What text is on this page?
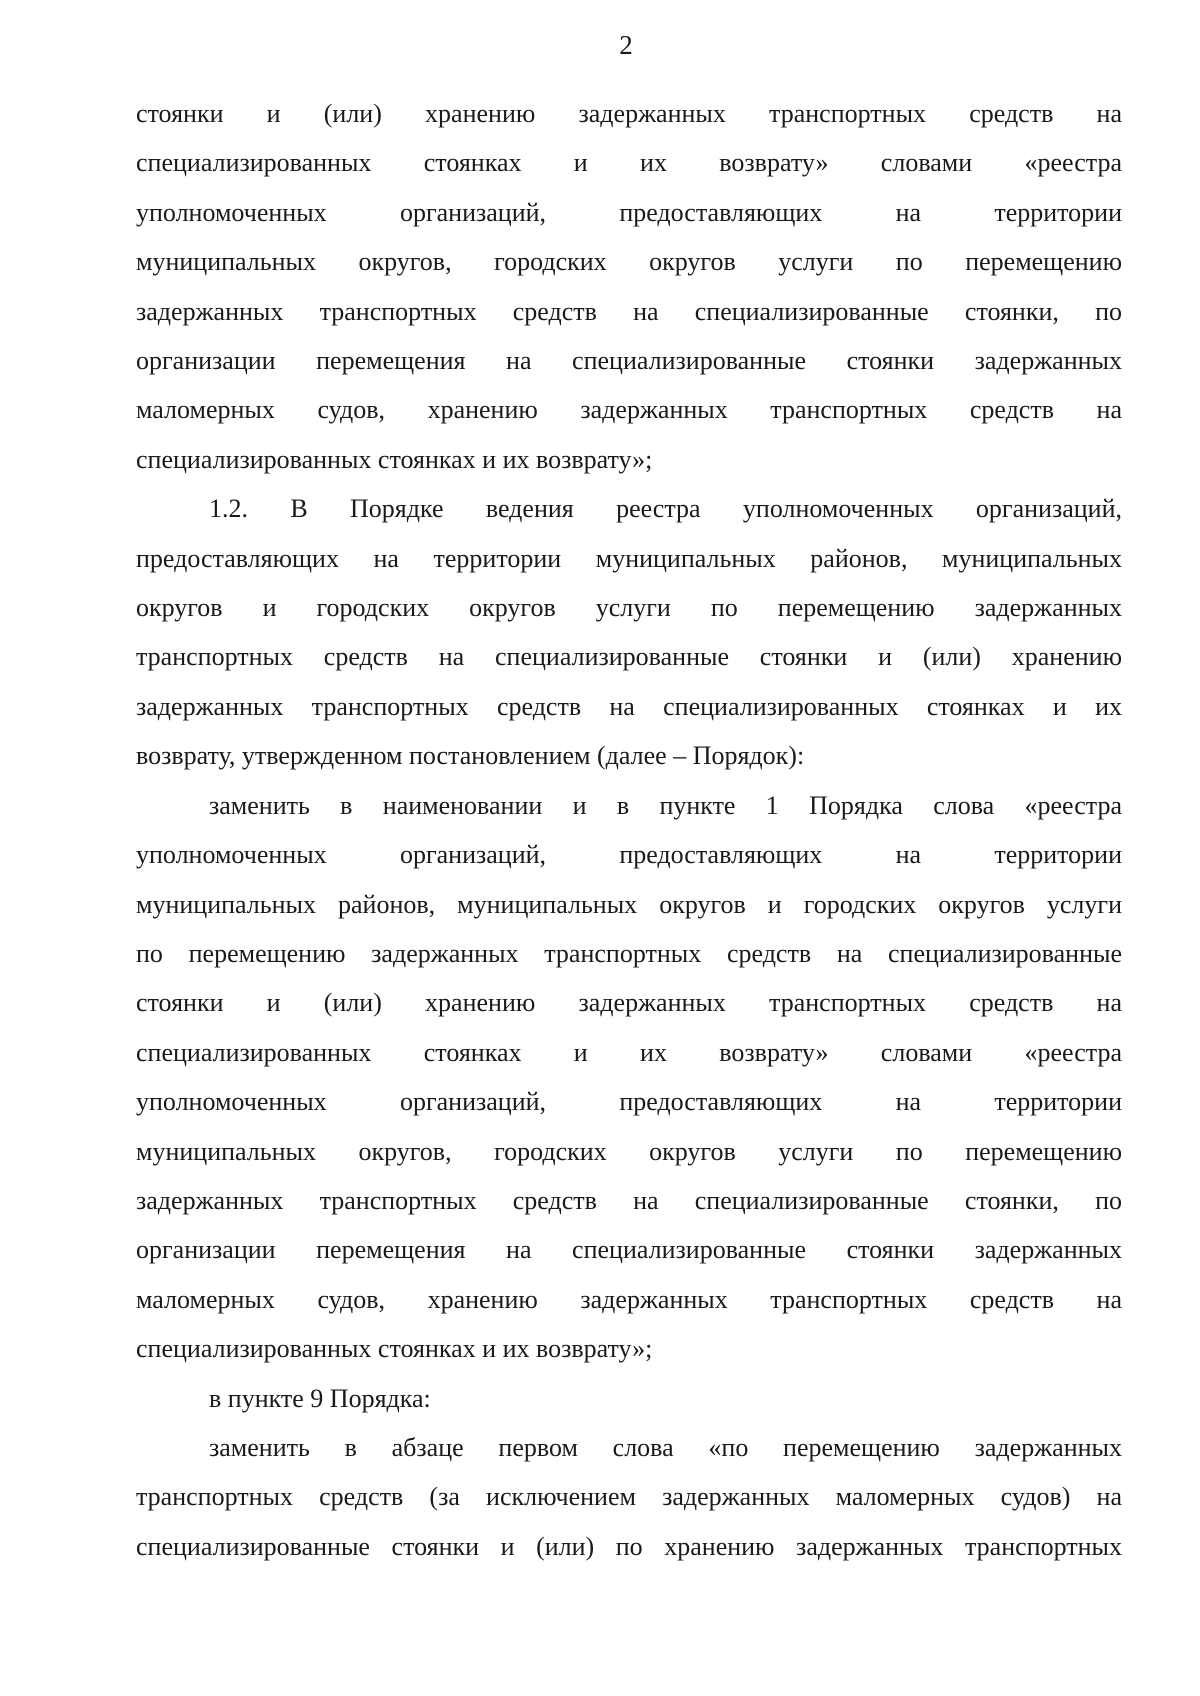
2
стоянки и (или) хранению задержанных транспортных средств на
специализированных стоянках и их возврату» словами «реестра
уполномоченных организаций, предоставляющих на территории
муниципальных округов, городских округов услуги по перемещению
задержанных транспортных средств на специализированные стоянки, по
организации перемещения на специализированные стоянки задержанных
маломерных судов, хранению задержанных транспортных средств на
специализированных стоянках и их возврату»;
1.2. В Порядке ведения реестра уполномоченных организаций,
предоставляющих на территории муниципальных районов, муниципальных
округов и городских округов услуги по перемещению задержанных
транспортных средств на специализированные стоянки и (или) хранению
задержанных транспортных средств на специализированных стоянках и их
возврату, утвержденном постановлением (далее – Порядок):
заменить в наименовании и в пункте 1 Порядка слова «реестра
уполномоченных организаций, предоставляющих на территории
муниципальных районов, муниципальных округов и городских округов услуги
по перемещению задержанных транспортных средств на специализированные
стоянки и (или) хранению задержанных транспортных средств на
специализированных стоянках и их возврату» словами «реестра
уполномоченных организаций, предоставляющих на территории
муниципальных округов, городских округов услуги по перемещению
задержанных транспортных средств на специализированные стоянки, по
организации перемещения на специализированные стоянки задержанных
маломерных судов, хранению задержанных транспортных средств на
специализированных стоянках и их возврату»;
в пункте 9 Порядка:
заменить в абзаце первом слова «по перемещению задержанных
транспортных средств (за исключением задержанных маломерных судов) на
специализированные стоянки и (или) по хранению задержанных транспортных
